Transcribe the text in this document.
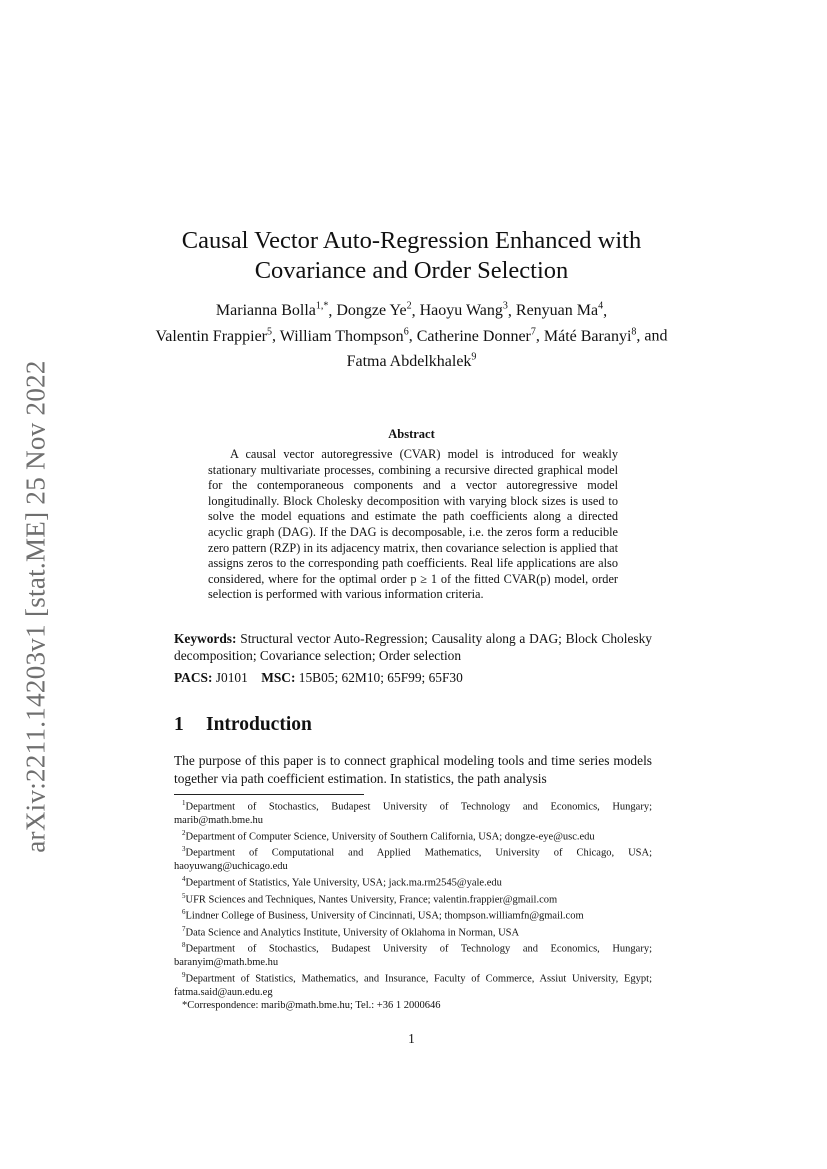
arXiv:2211.14203v1 [stat.ME] 25 Nov 2022
Causal Vector Auto-Regression Enhanced with
Covariance and Order Selection
Marianna Bolla$^{1,*}$, Dongze Ye$^2$, Haoyu Wang$^3$, Renyuan Ma$^4$,
Valentin Frappier$^5$, William Thompson$^6$, Catherine Donner$^7$, Máté Baranyi$^8$, and Fatma Abdelkhalek$^9$
Abstract
A causal vector autoregressive (CVAR) model is introduced for weakly stationary multivariate processes, combining a recursive directed graphical model for the contemporaneous components and a vector autoregressive model longitudinally. Block Cholesky decomposition with varying block sizes is used to solve the model equations and estimate the path coefficients along a directed acyclic graph (DAG). If the DAG is decomposable, i.e. the zeros form a reducible zero pattern (RZP) in its adjacency matrix, then covariance selection is applied that assigns zeros to the corresponding path coefficients. Real life applications are also considered, where for the optimal order p ≥ 1 of the fitted CVAR(p) model, order selection is performed with various information criteria.
Keywords: Structural vector Auto-Regression; Causality along a DAG; Block Cholesky decomposition; Covariance selection; Order selection
PACS: J0101 MSC: 15B05; 62M10; 65F99; 65F30
1 Introduction
The purpose of this paper is to connect graphical modeling tools and time series models together via path coefficient estimation. In statistics, the path analysis
$^1$Department of Stochastics, Budapest University of Technology and Economics, Hungary; marib@math.bme.hu
$^2$Department of Computer Science, University of Southern California, USA; dongze-eye@usc.edu
$^3$Department of Computational and Applied Mathematics, University of Chicago, USA; haoyuwang@uchicago.edu
$^4$Department of Statistics, Yale University, USA; jack.ma.rm2545@yale.edu
$^5$UFR Sciences and Techniques, Nantes University, France; valentin.frappier@gmail.com
$^6$Lindner College of Business, University of Cincinnati, USA; thompson.williamfn@gmail.com
$^7$Data Science and Analytics Institute, University of Oklahoma in Norman, USA
$^8$Department of Stochastics, Budapest University of Technology and Economics, Hungary; baranyim@math.bme.hu
$^9$Department of Statistics, Mathematics, and Insurance, Faculty of Commerce, Assiut University, Egypt; fatma.said@aun.edu.eg
*Correspondence: marib@math.bme.hu; Tel.: +36 1 2000646
1
